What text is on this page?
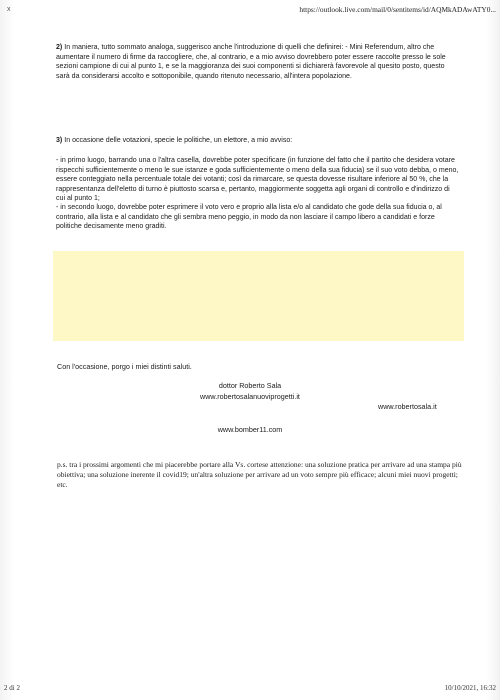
x	https://outlook.live.com/mail/0/sentitems/id/AQMkADAwATY0...

2) In maniera, tutto sommato analoga, suggerisco anche l'introduzione di quelli che definirei: - Mini Referendum, altro che aumentare il numero di firme da raccogliere, che, al contrario, e a mio avviso dovrebbero poter essere raccolte presso le sole sezioni campione di cui al punto 1, e se la maggioranza dei suoi componenti si dichiarerà favorevole al quesito posto, questo sarà da considerarsi accolto e sottoponibile, quando ritenuto necessario, all'intera popolazione.

3) In occasione delle votazioni, specie le politiche, un elettore, a mio avviso:

- in primo luogo, barrando una o l'altra casella, dovrebbe poter specificare (in funzione del fatto che il partito che desidera votare rispecchi sufficientemente o meno le sue istanze e goda sufficientemente o meno della sua fiducia) se il suo voto debba, o meno, essere conteggiato nella percentuale totale dei votanti; così da rimarcare, se questa dovesse risultare inferiore al 50 %, che la rappresentanza dell'eletto di turno è piuttosto scarsa e, pertanto, maggiormente soggetta agli organi di controllo e d'indirizzo di cui al punto 1;

- in secondo luogo, dovrebbe poter esprimere il voto vero e proprio alla lista e/o al candidato che gode della sua fiducia o, al contrario, alla lista e al candidato che gli sembra meno peggio, in modo da non lasciare il campo libero a candidati e forze politiche decisamente meno graditi.

Con l'occasione, porgo i miei distinti saluti.
dottor Roberto Sala
www.robertosalanuoviprogetti.it
www.robertosala.it
www.bomber11.com

p.s. tra i prossimi argomenti che mi piacerebbe portare alla Vs. cortese attenzione: una soluzione pratica per arrivare ad una stampa più obiettiva; una soluzione inerente il covid19; un'altra soluzione per arrivare ad un voto sempre più efficace; alcuni miei nuovi progetti; etc.

2 di 2	10/10/2021, 16:32
